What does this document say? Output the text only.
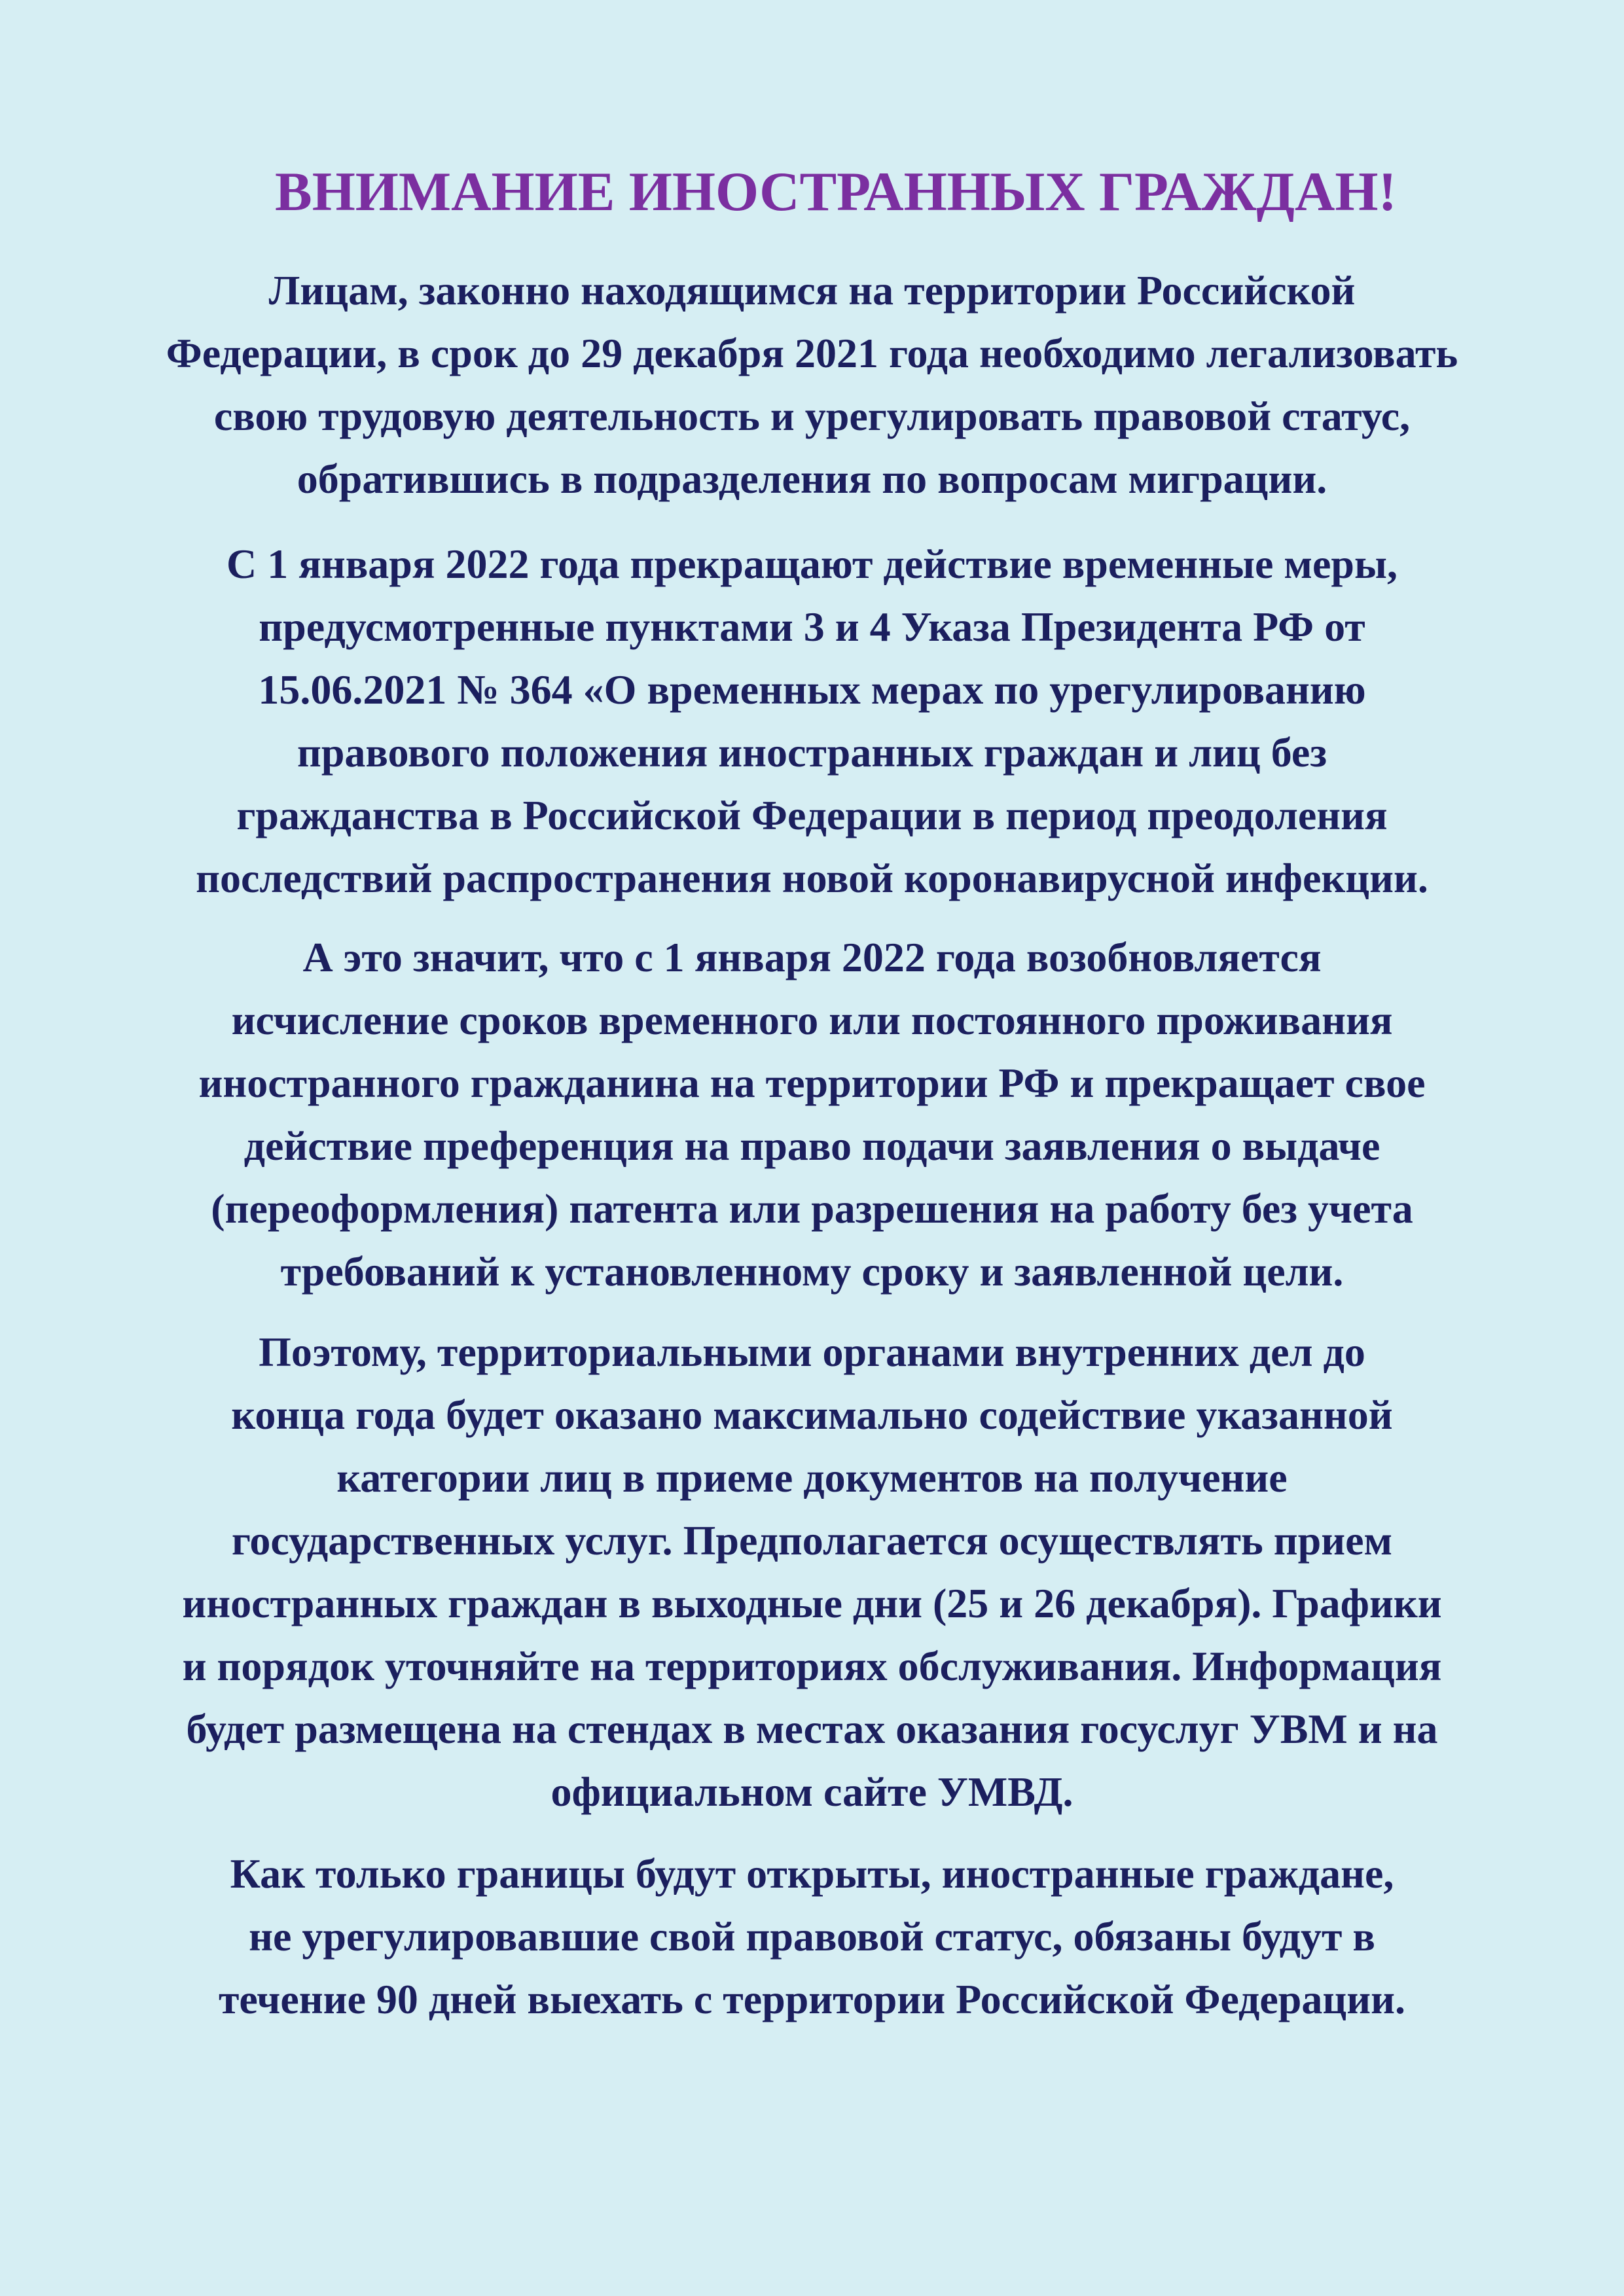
ВНИМАНИЕ ИНОСТРАННЫХ ГРАЖДАН!

Лицам, законно находящимся на территории Российской
Федерации, в срок до 29 декабря 2021 года необходимо легализовать
свою трудовую деятельность и урегулировать правовой статус,
обратившись в подразделения по вопросам миграции.

С 1 января 2022 года прекращают действие временные меры,
предусмотренные пунктами 3 и 4 Указа Президента РФ от
15.06.2021 № 364 «О временных мерах по урегулированию
правового положения иностранных граждан и лиц без
гражданства в Российской Федерации в период преодоления
последствий распространения новой коронавирусной инфекции.

А это значит, что с 1 января 2022 года возобновляется
исчисление сроков временного или постоянного проживания
иностранного гражданина на территории РФ и прекращает свое
действие преференция на право подачи заявления о выдаче
(переоформления) патента или разрешения на работу без учета
требований к установленному сроку и заявленной цели.

Поэтому, территориальными органами внутренних дел до
конца года будет оказано максимально содействие указанной
категории лиц в приеме документов на получение
государственных услуг. Предполагается осуществлять прием
иностранных граждан в выходные дни (25 и 26 декабря). Графики
и порядок уточняйте на территориях обслуживания. Информация
будет размещена на стендах в местах оказания госуслуг УВМ и на
официальном сайте УМВД.

Как только границы будут открыты, иностранные граждане,
не урегулировавшие свой правовой статус, обязаны будут в
течение 90 дней выехать с территории Российской Федерации.
